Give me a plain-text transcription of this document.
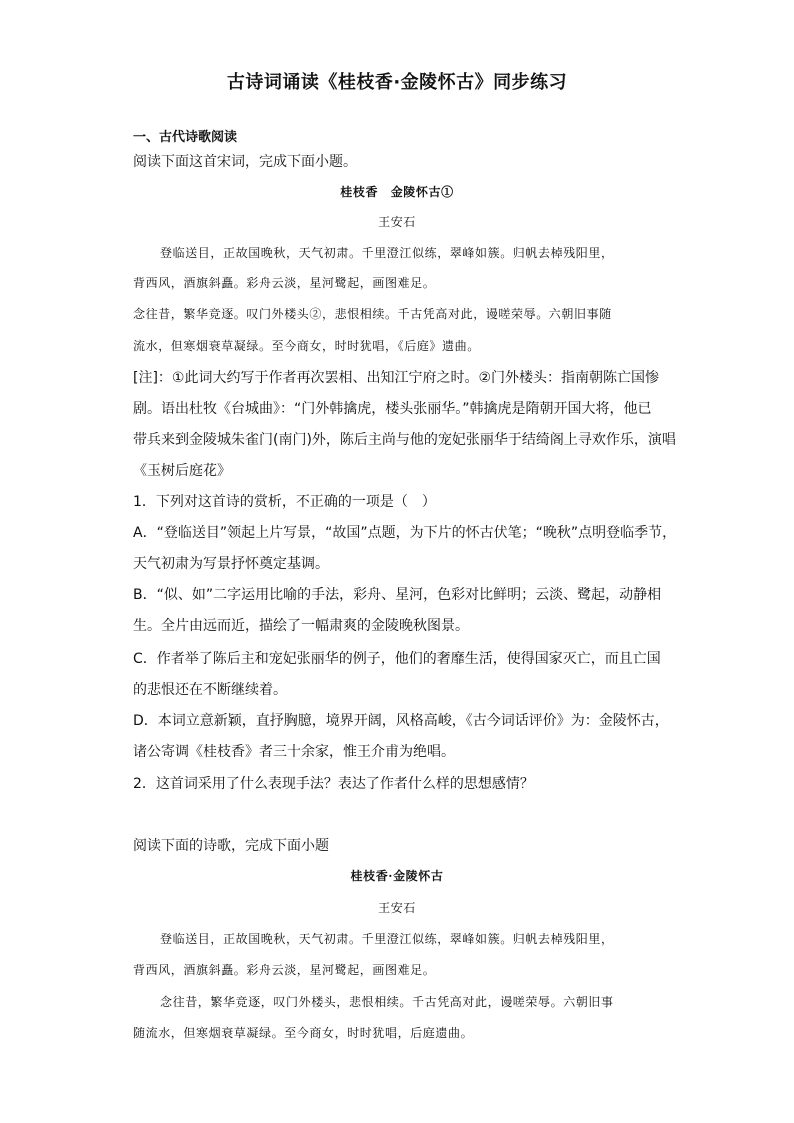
古诗词诵读《桂枝香·金陵怀古》同步练习
一、古代诗歌阅读
阅读下面这首宋词，完成下面小题。
桂枝香　金陵怀古①
王安石
登临送目，正故国晚秋，天气初肃。千里澄江似练，翠峰如簇。归帆去棹残阳里，
背西风，酒旗斜矗。彩舟云淡，星河鹭起，画图难足。
念往昔，繁华竞逐。叹门外楼头②，悲恨相续。千古凭高对此，谩嗟荣辱。六朝旧事随
流水，但寒烟衰草凝绿。至今商女，时时犹唱，《后庭》遗曲。
[注]：①此词大约写于作者再次罢相、出知江宁府之时。②门外楼头：指南朝陈亡国惨
剧。语出杜牧《台城曲》：“门外韩擒虎，楼头张丽华。”韩擒虎是隋朝开国大将，他已
带兵来到金陵城朱雀门(南门)外，陈后主尚与他的宠妃张丽华于结绮阁上寻欢作乐，演唱
《玉树后庭花》
1．下列对这首诗的赏析，不正确的一项是（　）
A．“登临送目”领起上片写景，“故国”点题，为下片的怀古伏笔；“晚秋”点明登临季节，
天气初肃为写景抒怀奠定基调。
B．“似、如”二字运用比喻的手法，彩舟、星河，色彩对比鲜明；云淡、鹭起，动静相
生。全片由远而近，描绘了一幅肃爽的金陵晚秋图景。
C．作者举了陈后主和宠妃张丽华的例子，他们的奢靡生活，使得国家灭亡，而且亡国
的悲恨还在不断继续着。
D．本词立意新颖，直抒胸臆，境界开阔，风格高峻，《古今词话评价》为：金陵怀古，
诸公寄调《桂枝香》者三十余家，惟王介甫为绝唱。
2．这首词采用了什么表现手法？表达了作者什么样的思想感情？
阅读下面的诗歌，完成下面小题
桂枝香·金陵怀古
王安石
登临送目，正故国晚秋，天气初肃。千里澄江似练，翠峰如簇。归帆去棹残阳里，
背西风，酒旗斜矗。彩舟云淡，星河鹭起，画图难足。
念往昔，繁华竞逐，叹门外楼头，悲恨相续。千古凭高对此，谩嗟荣辱。六朝旧事
随流水，但寒烟衰草凝绿。至今商女，时时犹唱，后庭遗曲。
